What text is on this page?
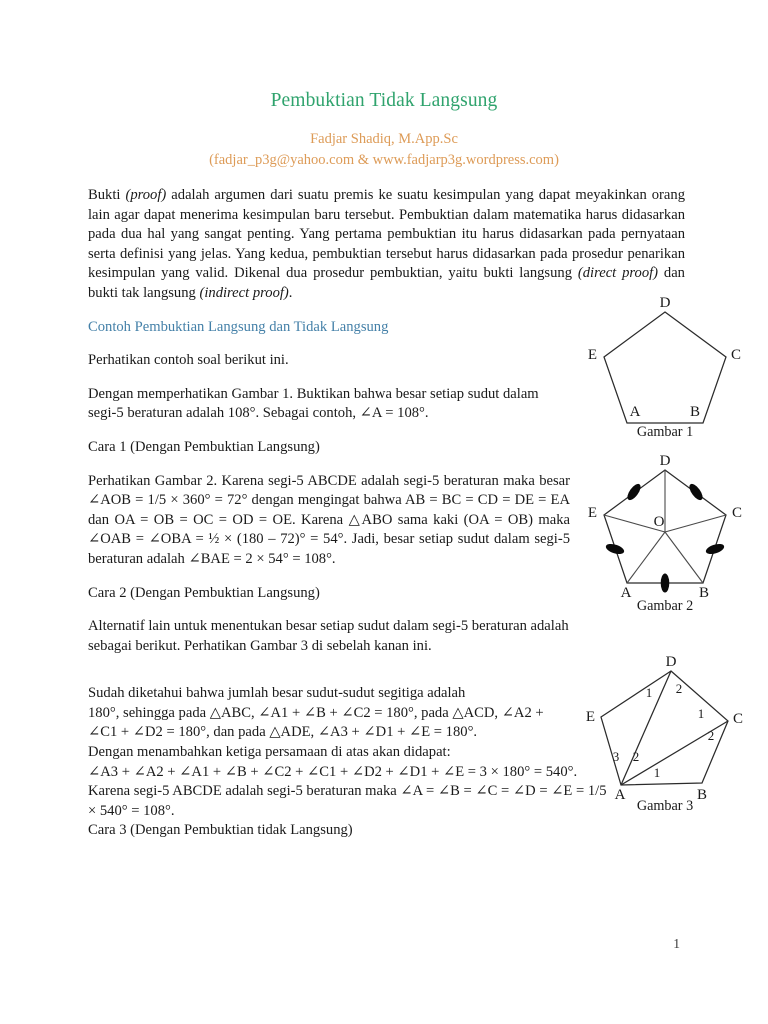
Pembuktian Tidak Langsung
Fadjar Shadiq, M.App.Sc
(fadjar_p3g@yahoo.com & www.fadjarp3g.wordpress.com)

Bukti (proof) adalah argumen dari suatu premis ke suatu kesimpulan yang dapat meyakinkan orang lain agar dapat menerima kesimpulan baru tersebut. Pembuktian dalam matematika harus didasarkan pada dua hal yang sangat penting. Yang pertama pembuktian itu harus didasarkan pada pernyataan serta definisi yang jelas. Yang kedua, pembuktian tersebut harus didasarkan pada prosedur penarikan kesimpulan yang valid. Dikenal dua prosedur pembuktian, yaitu bukti langsung (direct proof) dan bukti tak langsung (indirect proof).

Contoh Pembuktian Langsung dan Tidak Langsung

Perhatikan contoh soal berikut ini.

Dengan memperhatikan Gambar 1. Buktikan bahwa besar setiap sudut dalam segi-5 beraturan adalah 108°. Sebagai contoh, ∠A = 108°.

Cara 1 (Dengan Pembuktian Langsung)

Perhatikan Gambar 2. Karena segi-5 ABCDE adalah segi-5 beraturan maka besar ∠AOB = 1/5 × 360° = 72° dengan mengingat bahwa AB = BC = CD = DE = EA dan OA = OB = OC = OD = OE. Karena △ABO sama kaki (OA = OB) maka ∠OAB = ∠OBA = ½ × (180 – 72)° = 54°. Jadi, besar setiap sudut dalam segi-5 beraturan adalah ∠BAE = 2 × 54° = 108°.

Cara 2 (Dengan Pembuktian Langsung)

Alternatif lain untuk menentukan besar setiap sudut dalam segi-5 beraturan adalah sebagai berikut. Perhatikan Gambar 3 di sebelah kanan ini.

Sudah diketahui bahwa jumlah besar sudut-sudut segitiga adalah

180°, sehingga pada △ABC, ∠A1 + ∠B + ∠C2 = 180°, pada △ACD, ∠A2 +

∠C1 + ∠D2 = 180°, dan pada △ADE, ∠A3 + ∠D1 + ∠E = 180°.

Dengan menambahkan ketiga persamaan di atas akan didapat:

∠A3 + ∠A2 + ∠A1 + ∠B + ∠C2 + ∠C1 + ∠D2 + ∠D1 + ∠E = 3 × 180° = 540°.

Karena segi-5 ABCDE adalah segi-5 beraturan maka ∠A = ∠B = ∠C = ∠D = ∠E = 1/5

× 540° = 108°.

Cara 3 (Dengan Pembuktian tidak Langsung)

D
E	C
A	B
Gambar 1
D
E	C
A	B
O
Gambar 2
1 2
1
2
3 2
1
D
E	C
A	B
Gambar 3
1
